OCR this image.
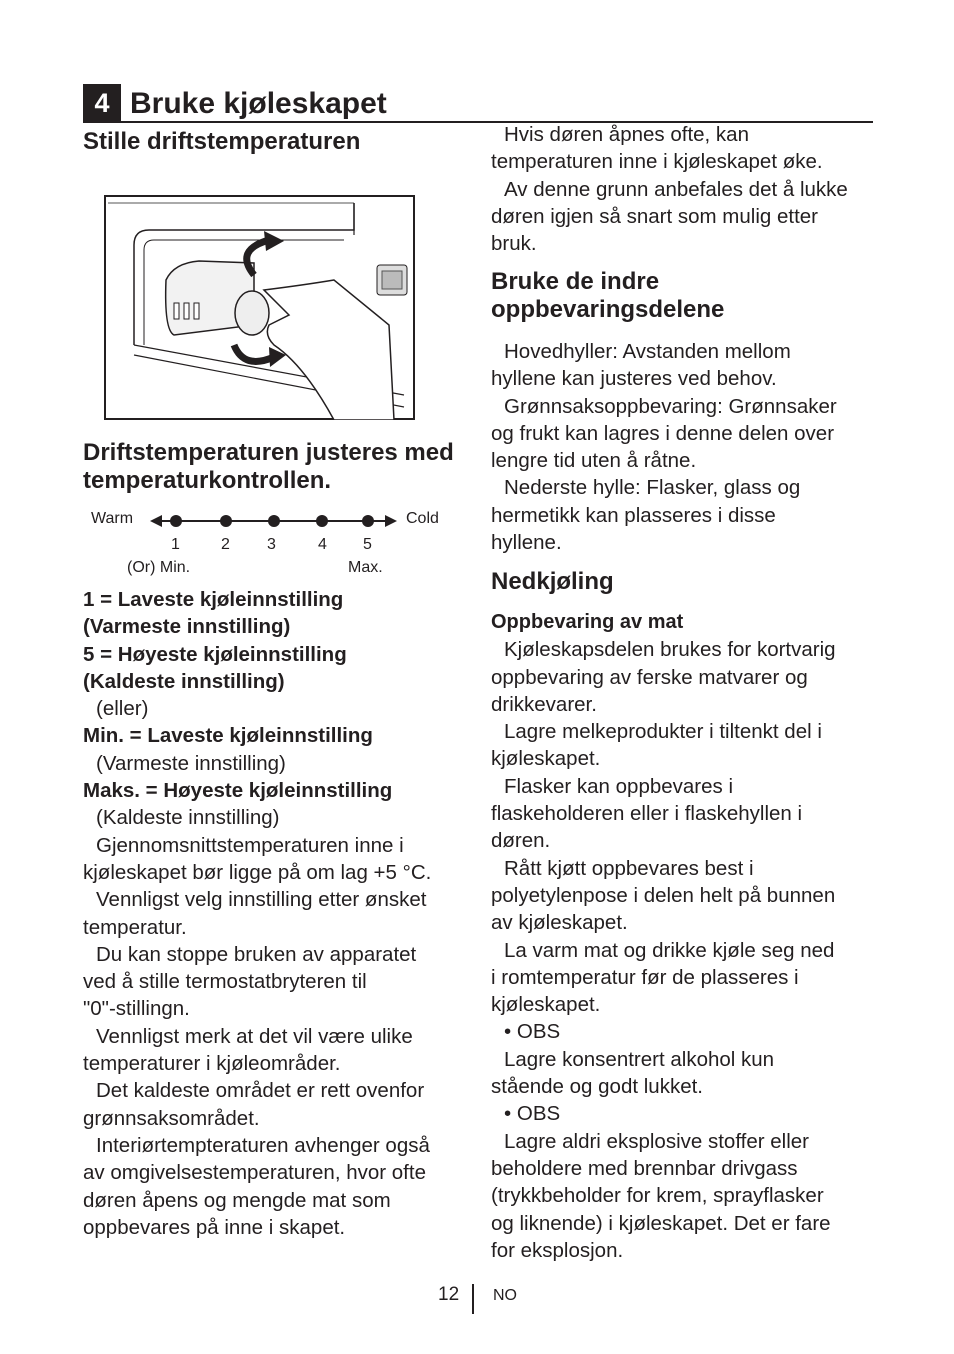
4 Bruke kjøleskapet
Stille driftstemperaturen
Driftstemperaturen justeres med temperaturkontrollen.
Warm	Cold
1	2 3	4 5
(Or) Min.	Max.

1 = Laveste kjøleinnstilling

(Varmeste innstilling)

5 = Høyeste kjøleinnstilling

(Kaldeste innstilling)

(eller)

Min. = Laveste kjøleinnstilling

(Varmeste innstilling)

Maks. = Høyeste kjøleinnstilling

(Kaldeste innstilling)

Gjennomsnittstemperaturen inne i

kjøleskapet bør ligge på om lag +5 °C.

Vennligst velg innstilling etter ønsket

temperatur.

Du kan stoppe bruken av apparatet

ved å stille termostatbryteren til

"0"-stillingn.

Vennligst merk at det vil være ulike

temperaturer i kjøleområder.

Det kaldeste området er rett ovenfor

grønnsaksområdet.

Interiørtempteraturen avhenger også

av omgivelsestemperaturen, hvor ofte

døren åpens og mengde mat som

oppbevares på inne i skapet.

Hvis døren åpnes ofte, kan

temperaturen inne i kjøleskapet øke.

Av denne grunn anbefales det å lukke

døren igjen så snart som mulig etter

bruk.

Bruke de indre oppbevaringsdelene

Hovedhyller: Avstanden mellom

hyllene kan justeres ved behov.

Grønnsaksoppbevaring: Grønnsaker

og frukt kan lagres i denne delen over

lengre tid uten å råtne.

Nederste hylle: Flasker, glass og

hermetikk kan plasseres i disse

hyllene.

Nedkjøling

Oppbevaring av mat

Kjøleskapsdelen brukes for kortvarig

oppbevaring av ferske matvarer og

drikkevarer.

Lagre melkeprodukter i tiltenkt del i

kjøleskapet.

Flasker kan oppbevares i

flaskeholderen eller i flaskehyllen i

døren.

Rått kjøtt oppbevares best i

polyetylenpose i delen helt på bunnen

av kjøleskapet.

La varm mat og drikke kjøle seg ned

i romtemperatur før de plasseres i

kjøleskapet.

• OBS

Lagre konsentrert alkohol kun

stående og godt lukket.

• OBS

Lagre aldri eksplosive stoffer eller

beholdere med brennbar drivgass

(trykkbeholder for krem, sprayflasker

og liknende) i kjøleskapet. Det er fare

for eksplosjon.

12 NO
